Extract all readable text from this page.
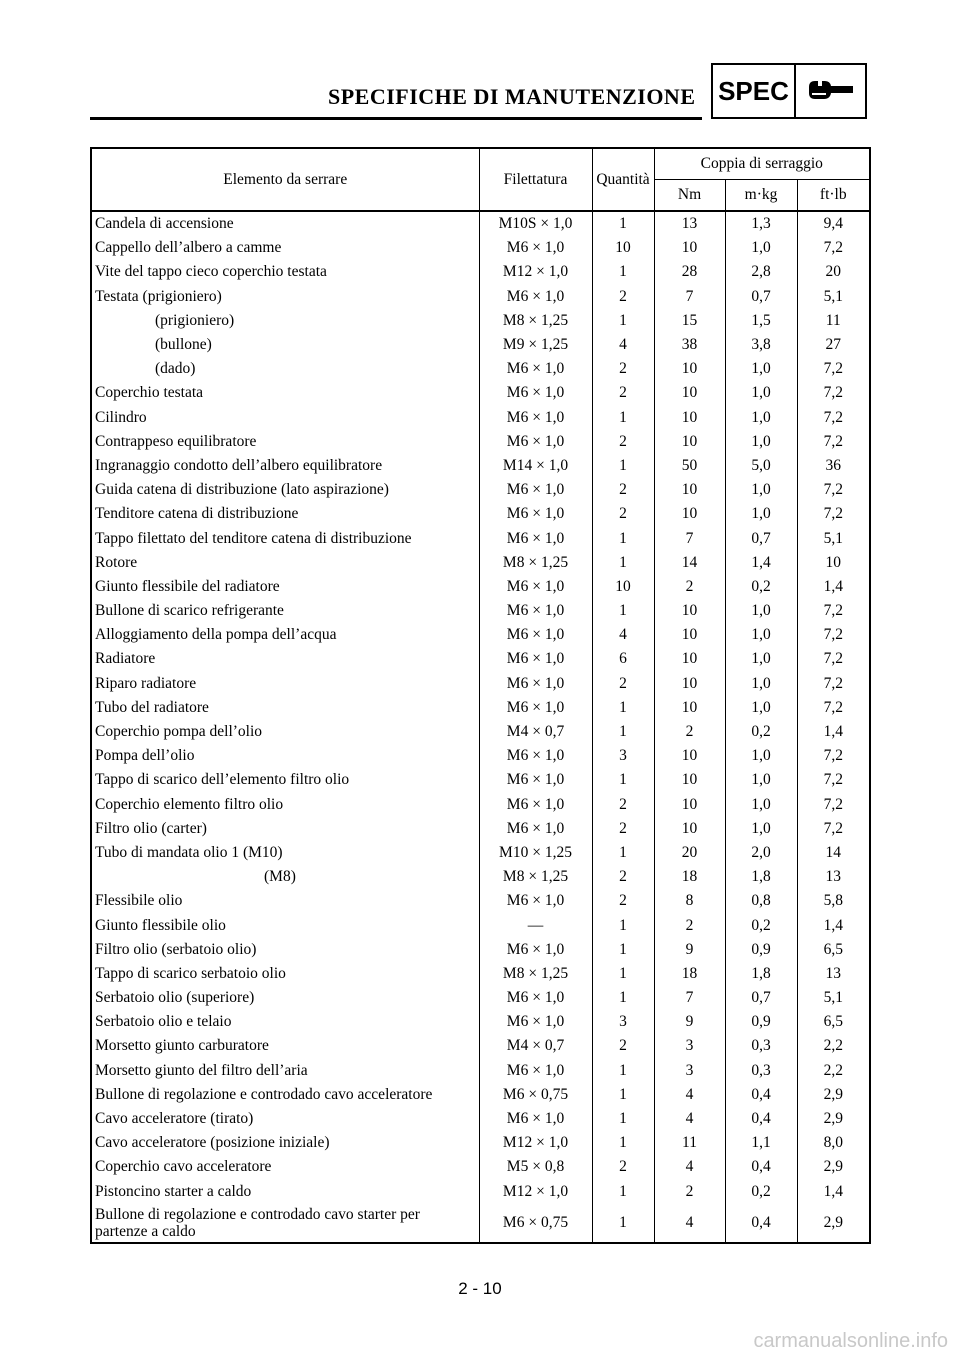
SPECIFICHE DI MANUTENZIONE SPEC
Elemento da serrare	Filettatura	Quantità	Coppia di serraggio		
			Nm	m·kg	ft·lb
Candela di accensione	M10S × 1,0	1	13	1,3	9,4
Cappello dell’albero a camme	M6 × 1,0	10	10	1,0	7,2
Vite del tappo cieco coperchio testata	M12 × 1,0	1	28	2,8	20
Testata (prigioniero)	M6 × 1,0	2	7	0,7	5,1
(prigioniero)	M8 × 1,25	1	15	1,5	11
(bullone)	M9 × 1,25	4	38	3,8	27
(dado)	M6 × 1,0	2	10	1,0	7,2
Coperchio testata	M6 × 1,0	2	10	1,0	7,2
Cilindro	M6 × 1,0	1	10	1,0	7,2
Contrappeso equilibratore	M6 × 1,0	2	10	1,0	7,2
Ingranaggio condotto dell’albero equilibratore	M14 × 1,0	1	50	5,0	36
Guida catena di distribuzione (lato aspirazione)	M6 × 1,0	2	10	1,0	7,2
Tenditore catena di distribuzione	M6 × 1,0	2	10	1,0	7,2
Tappo filettato del tenditore catena di distribuzione	M6 × 1,0	1	7	0,7	5,1
Rotore	M8 × 1,25	1	14	1,4	10
Giunto flessibile del radiatore	M6 × 1,0	10	2	0,2	1,4
Bullone di scarico refrigerante	M6 × 1,0	1	10	1,0	7,2
Alloggiamento della pompa dell’acqua	M6 × 1,0	4	10	1,0	7,2
Radiatore	M6 × 1,0	6	10	1,0	7,2
Riparo radiatore	M6 × 1,0	2	10	1,0	7,2
Tubo del radiatore	M6 × 1,0	1	10	1,0	7,2
Coperchio pompa dell’olio	M4 × 0,7	1	2	0,2	1,4
Pompa dell’olio	M6 × 1,0	3	10	1,0	7,2
Tappo di scarico dell’elemento filtro olio	M6 × 1,0	1	10	1,0	7,2
Coperchio elemento filtro olio	M6 × 1,0	2	10	1,0	7,2
Filtro olio (carter)	M6 × 1,0	2	10	1,0	7,2
Tubo di mandata olio 1 (M10)	M10 × 1,25	1	20	2,0	14
(M8)	M8 × 1,25	2	18	1,8	13
Flessibile olio	M6 × 1,0	2	8	0,8	5,8
Giunto flessibile olio	—	1	2	0,2	1,4
Filtro olio (serbatoio olio)	M6 × 1,0	1	9	0,9	6,5
Tappo di scarico serbatoio olio	M8 × 1,25	1	18	1,8	13
Serbatoio olio (superiore)	M6 × 1,0	1	7	0,7	5,1
Serbatoio olio e telaio	M6 × 1,0	3	9	0,9	6,5
Morsetto giunto carburatore	M4 × 0,7	2	3	0,3	2,2
Morsetto giunto del filtro dell’aria	M6 × 1,0	1	3	0,3	2,2
Bullone di regolazione e controdado cavo acceleratore	M6 × 0,75	1	4	0,4	2,9
Cavo acceleratore (tirato)	M6 × 1,0	1	4	0,4	2,9
Cavo acceleratore (posizione iniziale)	M12 × 1,0	1	11	1,1	8,0
Coperchio cavo acceleratore	M5 × 0,8	2	4	0,4	2,9
Pistoncino starter a caldo	M12 × 1,0	1	2	0,2	1,4
Bullone di regolazione e controdado cavo starter per partenze a caldo	M6 × 0,75	1	4	0,4	2,9
2 - 10
carmanualsonline.info
